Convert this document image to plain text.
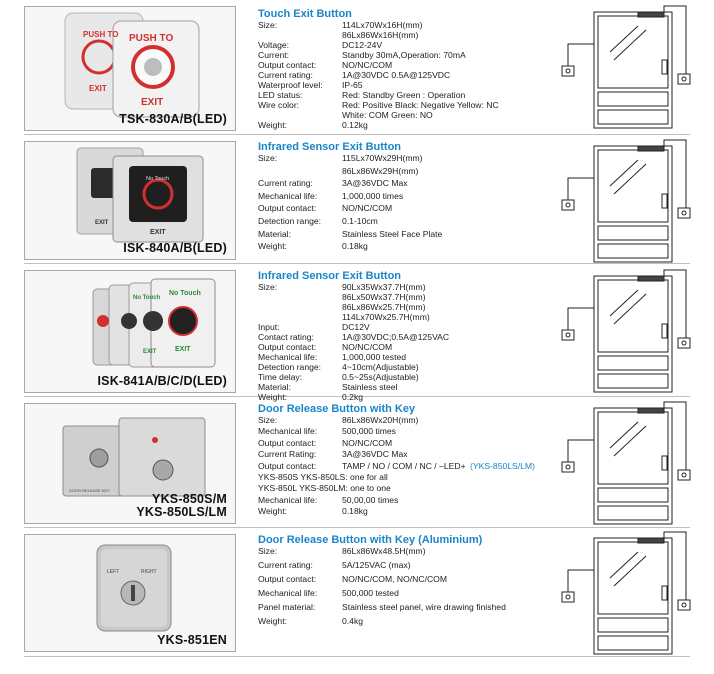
PUSH TO
EXIT
PUSH TO
EXIT
TSK-830A/B(LED)
Touch Exit Button
Size:	114Lx70Wx16H(mm)
86Lx86Wx16H(mm)
Voltage:	DC12-24V
Current:	Standby 30mA,Operation: 70mA
Output contact:	NO/NC/COM
Current rating:	1A@30VDC 0.5A@125VDC
Waterproof level: IP-65
LED status:	Red: Standby Green : Operation
Wire color:	Red: Positive Black: Negative Yellow: NC
White: COM Green: NO
Weight:	0.12kg
No Touch
EXIT
EXIT
ISK-840A/B(LED)
Infrared Sensor Exit Button
Size:	115Lx70Wx29H(mm)
86Lx86Wx29H(mm)
Current rating:	3A@36VDC Max
Mechanical life:	1,000,000 times
Output contact:	NO/NC/COM
Detection range: 0.1-10cm
Material:	Stainless Steel Face Plate
Weight:	0.18kg
No Touch
No Touch
EXIT	EXIT
ISK-841A/B/C/D(LED)
Infrared Sensor Exit Button
Size:	90Lx35Wx37.7H(mm)
86Lx50Wx37.7H(mm)
86Lx86Wx25.7H(mm)
114Lx70Wx25.7H(mm)
Input:	DC12V
Contact rating:	1A@30VDC;0.5A@125VAC
Output contact:	NO/NC/COM
Mechanical life:	1,000,000 tested
Detection range: 4~10cm(Adjustable)
Time delay:	0.5~25s(Adjustable)
Material:	Stainless steel
Weight:	0.2kg
DOOR RELEASE KEY
YKS-850S/M
YKS-850LS/LM
Door Release Button with Key
Size:	86Lx86Wx20H(mm)
Mechanical life:	500,000 times
Output contact:	NO/NC/COM
Current Rating:	3A@36VDC Max
Output contact:	TAMP / NO / COM / NC / –LED+ (YKS-850LS/LM)
YKS-850S YKS-850LS: one for all
YKS-850L YKS-850LM: one to one
Mechanical life:	50,00,00 times
Weight:	0.18kg
LEFT	RIGHT
YKS-851EN
Door Release Button with Key (Aluminium)
Size:	86Lx86Wx48.5H(mm)
Current rating:	5A/125VAC (max)
Output contact:	NO/NC/COM, NO/NC/COM
Mechanical life:	500,000 tested
Panel material:	Stainless steel panel, wire drawing finished
Weight:	0.4kg
